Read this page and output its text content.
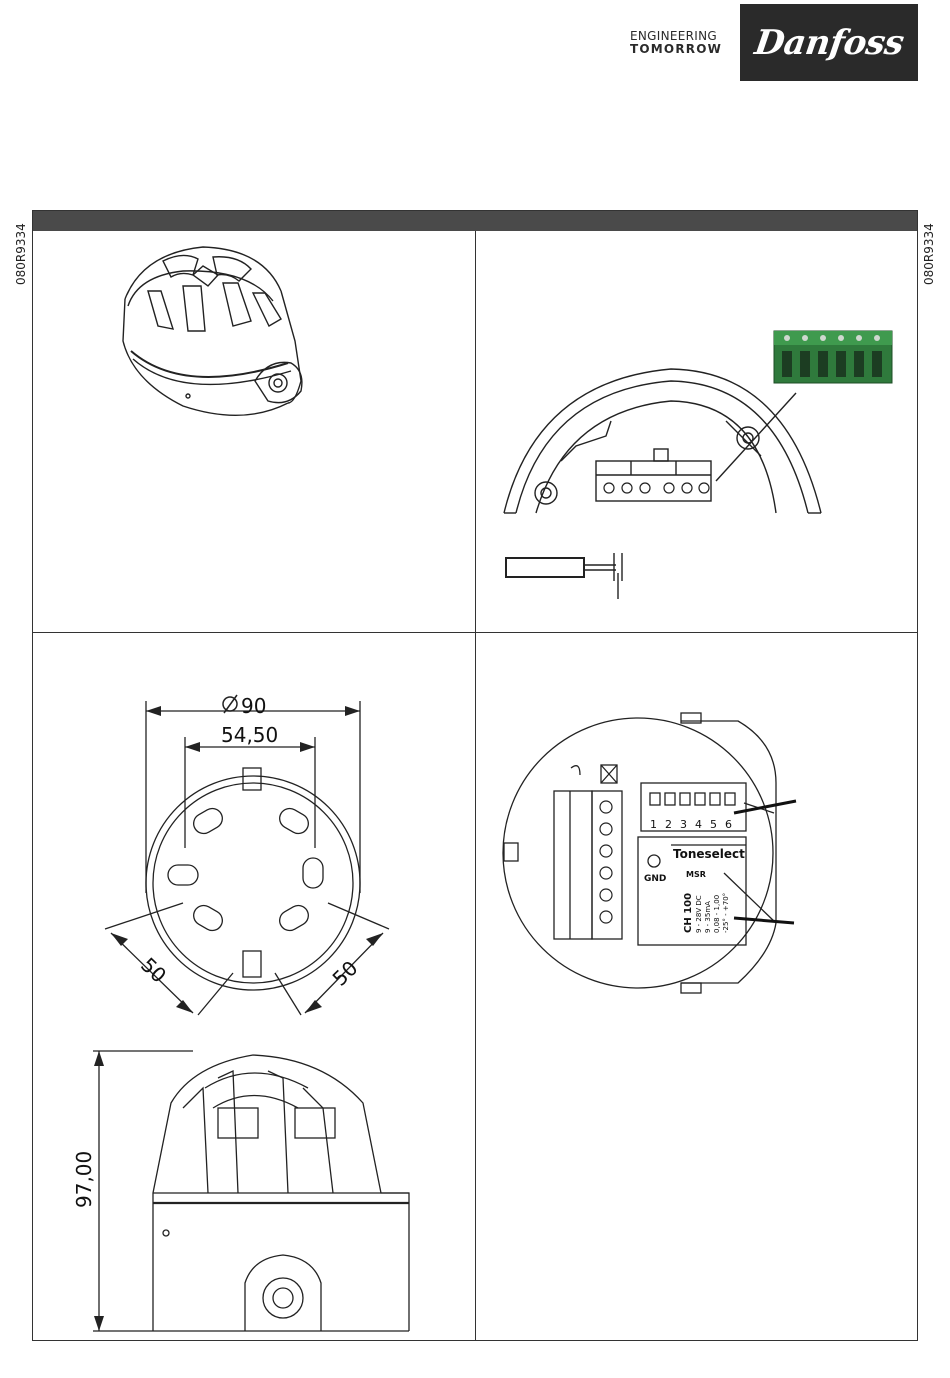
ENGINEERING
TOMORROW Danfoss
080R9334	080R9334
90
54,50
50	50
97,00
1 2 3 4 5 6
Toneselect
GND MSR
CH 100 9 - 28V DC 9 - 35mA 0,08 - 1,00 -25° - +70°
